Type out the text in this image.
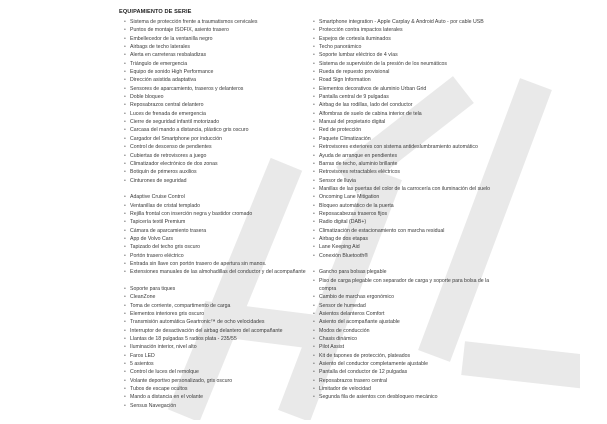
EQUIPAMIENTO DE SERIE
• Sistema de protección frente a traumatismos cervicales
• Puntos de montaje ISOFIX, asiento trasero
• Embellecedor de la ventanilla negro
• Airbags de techo laterales
• Alerta en carreteras resbaladizas
• Triángulo de emergencia
• Equipo de sonido High Performance
• Dirección asistida adaptativa
• Sensores de aparcamiento, traseros y delanteros
• Doble bloqueo
• Reposabrazos central delantero
• Luces de frenada de emergencia
• Cierre de seguridad infantil motorizado
• Carcasa del mando a distancia, plástico gris oscuro
• Cargador del Smartphone por inducción
• Control de descenso de pendientes
• Cubiertas de retrovisores a juego
• Climatizador electrónico de dos zonas
• Botiquín de primeros auxilios
• Cinturones de seguridad
• Adaptive Cruise Control
• Ventanillas de cristal templado
• Rejilla frontal con inserción negra y bastidor cromado
• Tapicería textil Premium
• Cámara de aparcamiento trasera
• App de Volvo Cars
• Tapizado del techo gris oscuro
• Portón trasero eléctrico
• Entrada sin llave con portón trasero de apertura sin manos.
• Extensiones manuales de las almohadillas del conductor y del acompañante
• Soporte para tiques
• CleanZone
• Toma de corriente, compartimento de carga
• Elementos interiores gris oscuro
• Transmisión automática Geartronic™ de ocho velocidades
• Interruptor de desactivación del airbag delantero del acompañante
• Llantas de 18 pulgadas 5 radios plata - 235/55
• Iluminación interior, nivel alto
• Faros LED
• 5 asientos
• Control de luces del remolque
• Volante deportivo personalizado, gris oscuro
• Tubos de escape ocultos
• Mando a distancia en el volante
• Sensus Navegación
• Smartphone integration - Apple Carplay & Android Auto - por cable USB
• Protección contra impactos laterales
• Espejos de cortesía iluminados
• Techo panorámico
• Soporte lumbar eléctrico de 4 vías
• Sistema de supervisión de la presión de los neumáticos
• Rueda de repuesto provisional
• Road Sign Information
• Elementos decorativos de aluminio Urban Grid
• Pantalla central de 9 pulgadas
• Airbag de las rodillas, lado del conductor
• Alfombras de suelo de cabina interior de tela
• Manual del propietario digital
• Red de protección
• Paquete Climatización
• Retrovisores exteriores con sistema antideslumbramiento automático
• Ayuda de arranque en pendientes
• Barras de techo, aluminio brillante
• Retrovisores retractables eléctricos
• Sensor de lluvia
• Manillas de las puertas del color de la carrocería con iluminación del suelo
• Oncoming Lane Mitigation
• Bloqueo automático de la puerta
• Reposacabezas traseros fijos
• Radio digital (DAB+)
• Climatización de estacionamiento con marcha residual
• Airbag de dos etapas
• Lane Keeping Aid
• Conexión Bluetooth®
• Gancho para bolsas plegable
• Piso de carga plegable con separador de carga y soporte para bolsa de la compra
• Cambio de marchas ergonómico
• Sensor de humedad
• Asientos delanteros Comfort
• Asiento del acompañante ajustable
• Modos de conducción
• Chasis dinámico
• Pilot Assist
• Kit de tapones de protección, plateados
• Asiento del conductor completamente ajustable
• Pantalla del conductor de 12 pulgadas
• Reposabrazos trasero central
• Limitador de velocidad
• Segunda fila de asientos con desbloqueo mecánico
